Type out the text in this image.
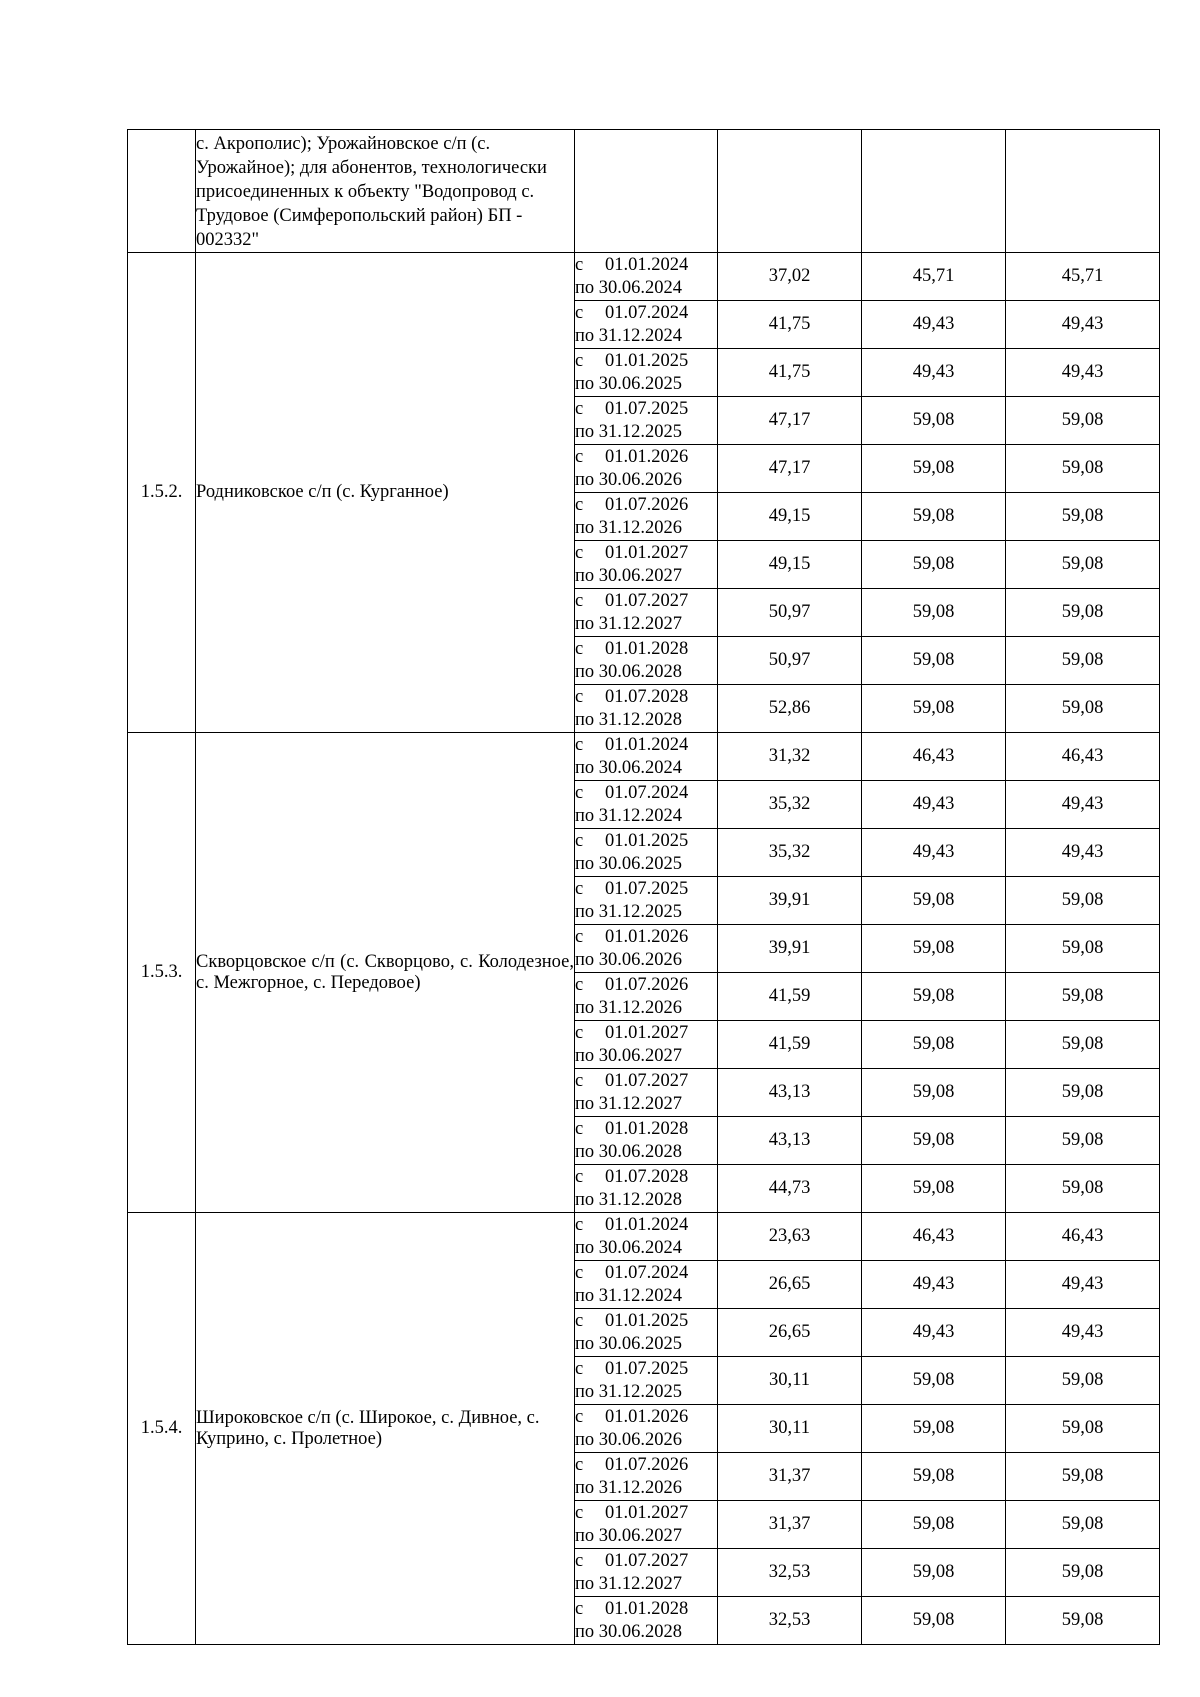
	с. Акрополис); Урожайновское с/п (с. Урожайное); для абонентов, технологически присоединенных к объекту "Водопровод с. Трудовое (Симферопольский район) БП - 002332"				
1.5.2.	Родниковское с/п (с. Курганное)	с 01.01.2024
по 30.06.2024	37,02	45,71	45,71

		с 01.07.2024
по 31.12.2024	41,75	49,43	49,43

		с 01.01.2025
по 30.06.2025	41,75	49,43	49,43

		с 01.07.2025
по 31.12.2025	47,17	59,08	59,08

		с 01.01.2026
по 30.06.2026	47,17	59,08	59,08

		с 01.07.2026
по 31.12.2026	49,15	59,08	59,08

		с 01.01.2027
по 30.06.2027	49,15	59,08	59,08

		с 01.07.2027
по 31.12.2027	50,97	59,08	59,08

		с 01.01.2028
по 30.06.2028	50,97	59,08	59,08

		с 01.07.2028
по 31.12.2028	52,86	59,08	59,08
1.5.3.	Скворцовское с/п (с. Скворцово, с. Колодезное, с. Межгорное, с. Передовое)	с 01.01.2024
по 30.06.2024	31,32	46,43	46,43

		с 01.07.2024
по 31.12.2024	35,32	49,43	49,43

		с 01.01.2025
по 30.06.2025	35,32	49,43	49,43

		с 01.07.2025
по 31.12.2025	39,91	59,08	59,08

		с 01.01.2026
по 30.06.2026	39,91	59,08	59,08

		с 01.07.2026
по 31.12.2026	41,59	59,08	59,08

		с 01.01.2027
по 30.06.2027	41,59	59,08	59,08

		с 01.07.2027
по 31.12.2027	43,13	59,08	59,08

		с 01.01.2028
по 30.06.2028	43,13	59,08	59,08

		с 01.07.2028
по 31.12.2028	44,73	59,08	59,08
1.5.4.	Широковское с/п (с. Широкое, с. Дивное, с. Куприно, с. Пролетное)	с 01.01.2024
по 30.06.2024	23,63	46,43	46,43

		с 01.07.2024
по 31.12.2024	26,65	49,43	49,43

		с 01.01.2025
по 30.06.2025	26,65	49,43	49,43

		с 01.07.2025
по 31.12.2025	30,11	59,08	59,08

		с 01.01.2026
по 30.06.2026	30,11	59,08	59,08

		с 01.07.2026
по 31.12.2026	31,37	59,08	59,08

		с 01.01.2027
по 30.06.2027	31,37	59,08	59,08

		с 01.07.2027
по 31.12.2027	32,53	59,08	59,08

		с 01.01.2028
по 30.06.2028	32,53	59,08	59,08
